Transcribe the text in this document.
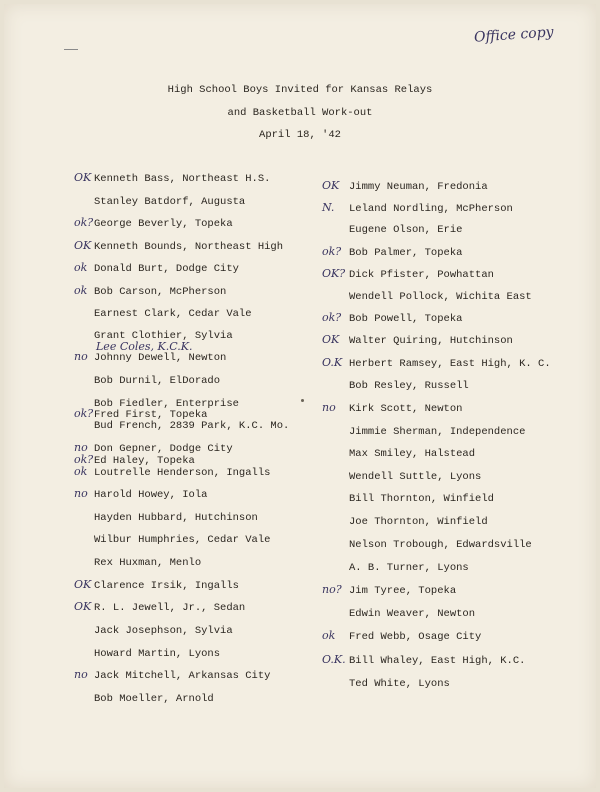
Office copy
High School Boys Invited for Kansas Relays
and Basketball Work-out
April 18, '42
Lee Coles, K.C.K.
Kenneth Bass, Northeast H.S.
OK
Stanley Batdorf, Augusta
George Beverly, Topeka
ok?
Kenneth Bounds, Northeast High
OK
Donald Burt, Dodge City
ok
Bob Carson, McPherson
ok
Earnest Clark, Cedar Vale
Grant Clothier, Sylvia
Johnny Dewell, Newton
no
Bob Durnil, ElDorado
Bob Fiedler, Enterprise
Fred First, Topeka
ok?
Bud French, 2839 Park, K.C. Mo.
Don Gepner, Dodge City
no
Ed Haley, Topeka
ok?
Loutrelle Henderson, Ingalls
ok
Harold Howey, Iola
no
Hayden Hubbard, Hutchinson
Wilbur Humphries, Cedar Vale
Rex Huxman, Menlo
Clarence Irsik, Ingalls
OK
R. L. Jewell, Jr., Sedan
OK
Jack Josephson, Sylvia
Howard Martin, Lyons
Jack Mitchell, Arkansas City
no
Bob Moeller, Arnold
Jimmy Neuman, Fredonia
OK
Leland Nordling, McPherson
N.
Eugene Olson, Erie
Bob Palmer, Topeka
ok?
Dick Pfister, Powhattan
OK?
Wendell Pollock, Wichita East
Bob Powell, Topeka
ok?
Walter Quiring, Hutchinson
OK
Herbert Ramsey, East High, K. C.
O.K
Bob Resley, Russell
Kirk Scott, Newton
no
Jimmie Sherman, Independence
Max Smiley, Halstead
Wendell Suttle, Lyons
Bill Thornton, Winfield
Joe Thornton, Winfield
Nelson Trobough, Edwardsville
A. B. Turner, Lyons
Jim Tyree, Topeka
no?
Edwin Weaver, Newton
Fred Webb, Osage City
ok
Bill Whaley, East High, K.C.
O.K.
Ted White, Lyons
